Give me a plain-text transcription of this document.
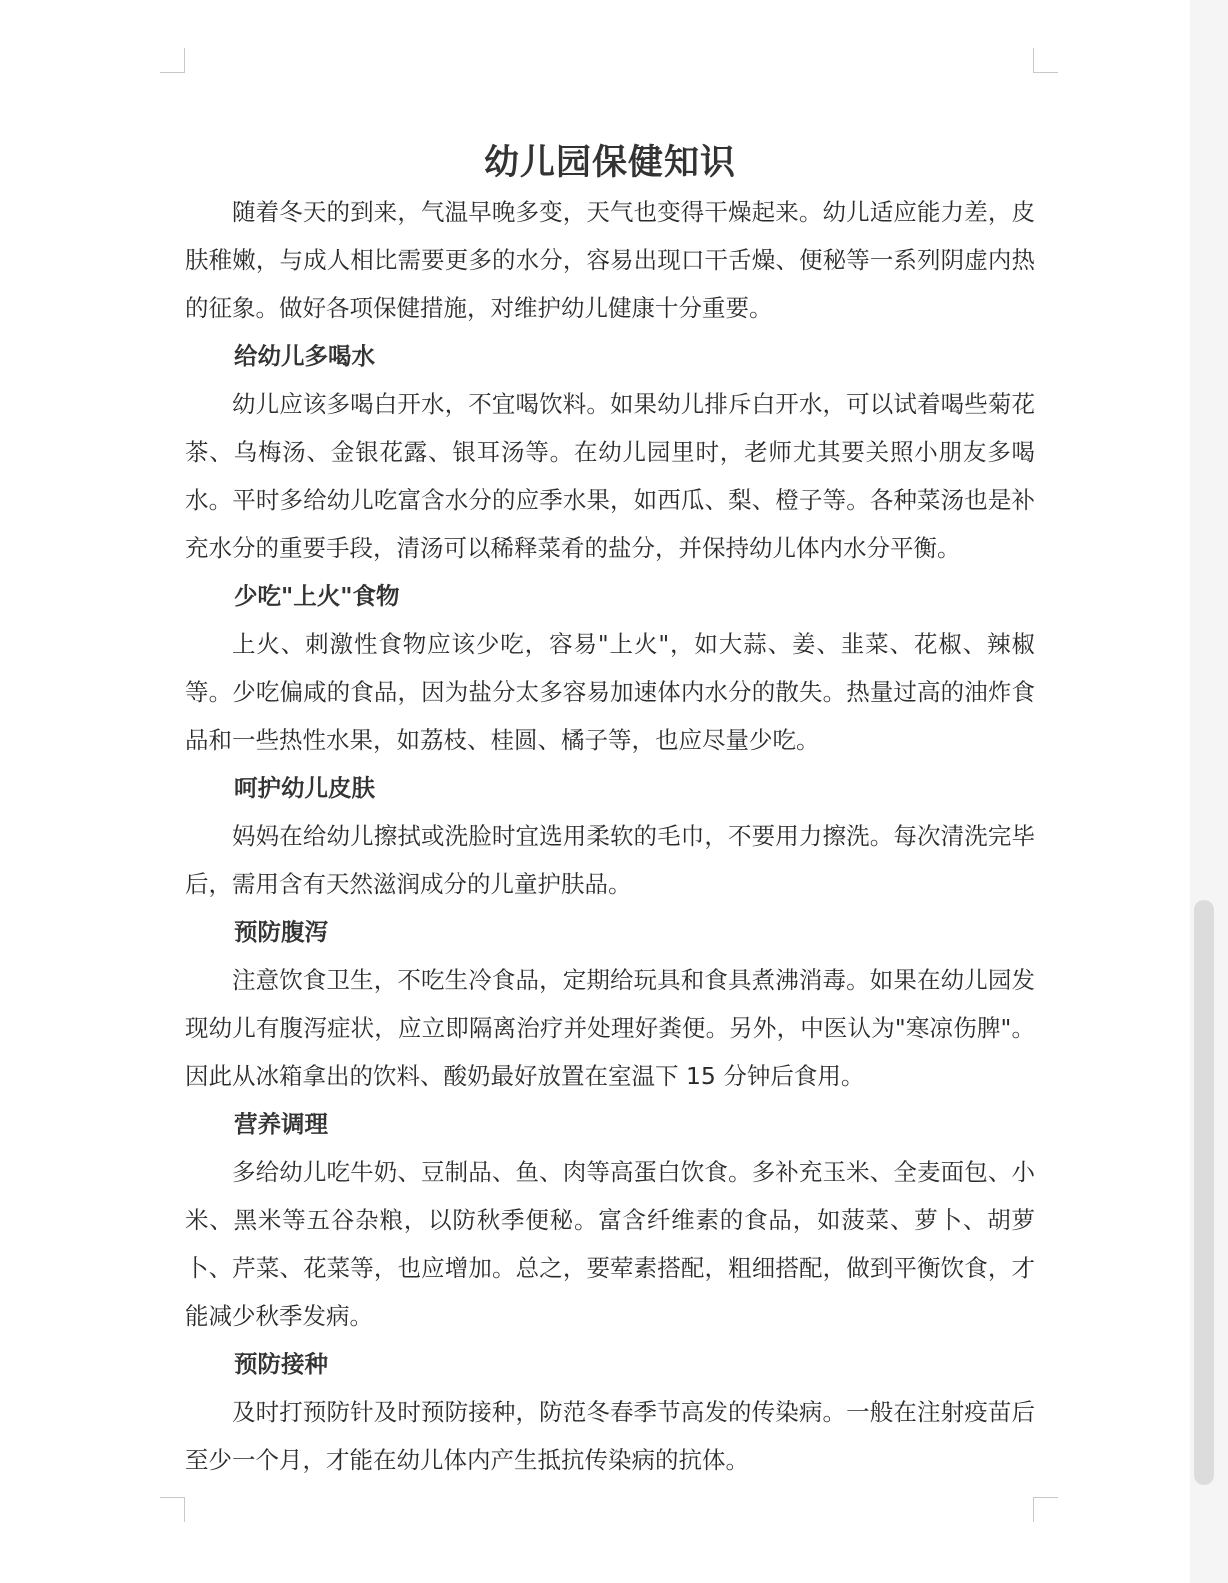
幼儿园保健知识

随着冬天的到来，气温早晚多变，天气也变得干燥起来。幼儿适应能力差，皮肤稚嫩，与成人相比需要更多的水分，容易出现口干舌燥、便秘等一系列阴虚内热的征象。做好各项保健措施，对维护幼儿健康十分重要。

给幼儿多喝水

幼儿应该多喝白开水，不宜喝饮料。如果幼儿排斥白开水，可以试着喝些菊花茶、乌梅汤、金银花露、银耳汤等。在幼儿园里时，老师尤其要关照小朋友多喝水。平时多给幼儿吃富含水分的应季水果，如西瓜、梨、橙子等。各种菜汤也是补充水分的重要手段，清汤可以稀释菜肴的盐分，并保持幼儿体内水分平衡。

少吃"上火"食物

上火、刺激性食物应该少吃，容易"上火"，如大蒜、姜、韭菜、花椒、辣椒等。少吃偏咸的食品，因为盐分太多容易加速体内水分的散失。热量过高的油炸食品和一些热性水果，如荔枝、桂圆、橘子等，也应尽量少吃。

呵护幼儿皮肤

妈妈在给幼儿擦拭或洗脸时宜选用柔软的毛巾，不要用力擦洗。每次清洗完毕后，需用含有天然滋润成分的儿童护肤品。

预防腹泻

注意饮食卫生，不吃生冷食品，定期给玩具和食具煮沸消毒。如果在幼儿园发现幼儿有腹泻症状，应立即隔离治疗并处理好粪便。另外，中医认为"寒凉伤脾"。因此从冰箱拿出的饮料、酸奶最好放置在室温下 15 分钟后食用。

营养调理

多给幼儿吃牛奶、豆制品、鱼、肉等高蛋白饮食。多补充玉米、全麦面包、小米、黑米等五谷杂粮，以防秋季便秘。富含纤维素的食品，如菠菜、萝卜、胡萝卜、芹菜、花菜等，也应增加。总之，要荤素搭配，粗细搭配，做到平衡饮食，才能减少秋季发病。

预防接种

及时打预防针及时预防接种，防范冬春季节高发的传染病。一般在注射疫苗后至少一个月，才能在幼儿体内产生抵抗传染病的抗体。
